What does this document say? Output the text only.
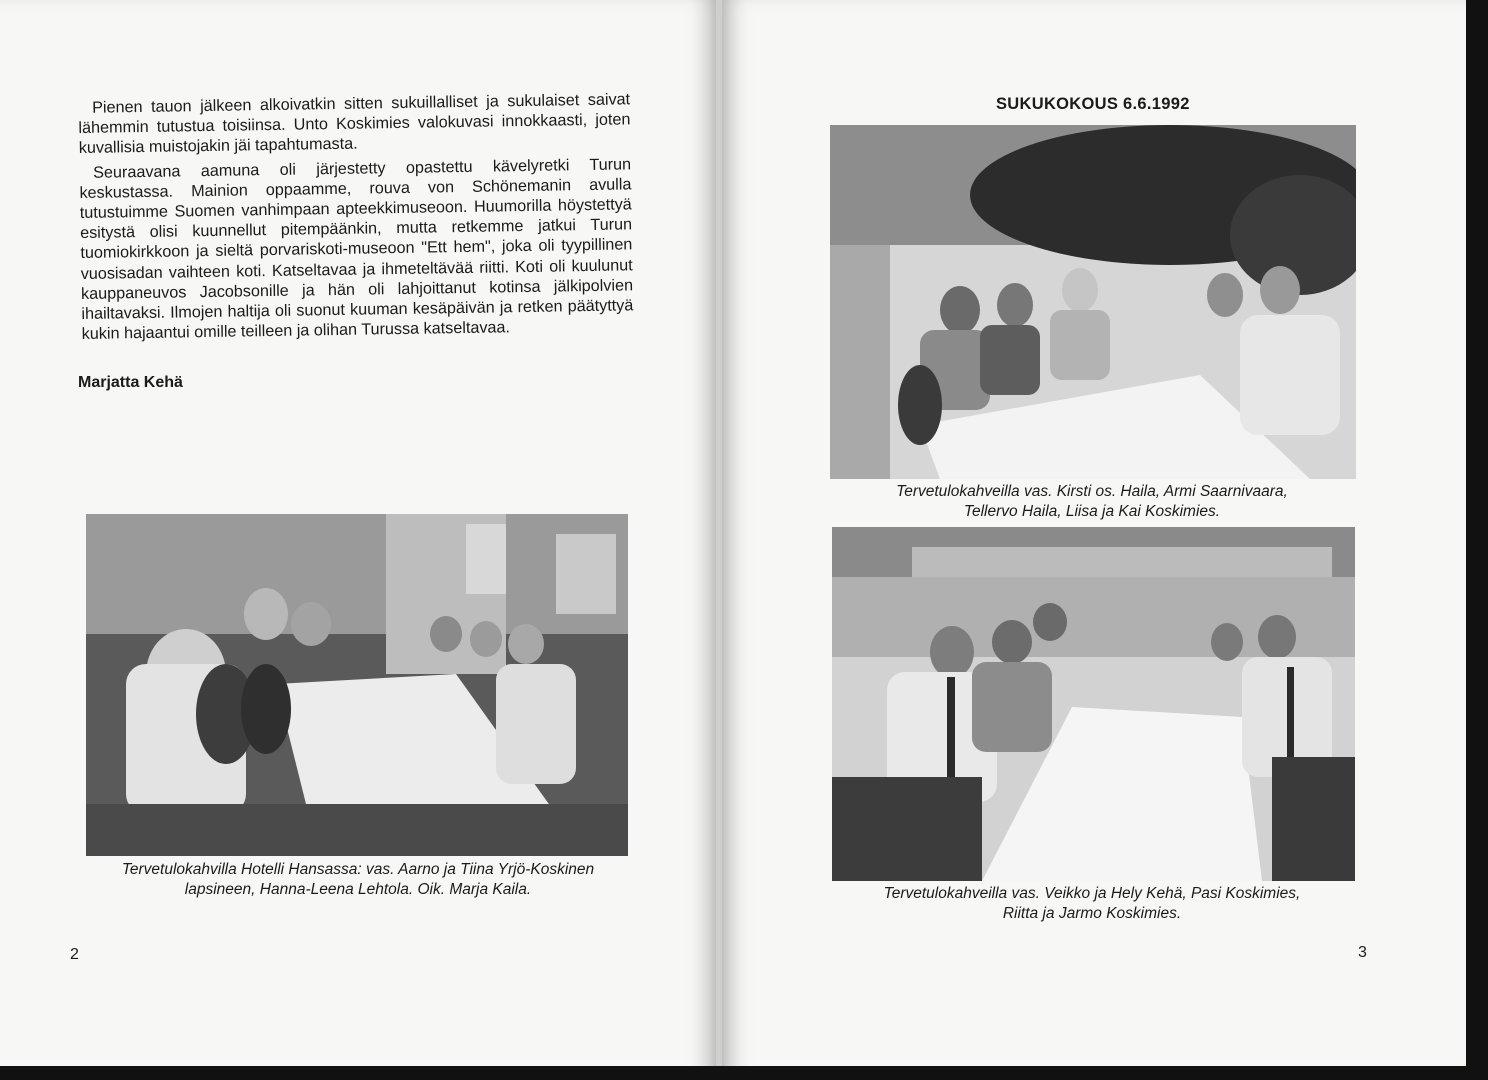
Pienen tauon jälkeen alkoivatkin sitten sukuillalliset ja sukulaiset saivat lähemmin tutustua toisiinsa. Unto Koskimies valokuvasi innokkaasti, joten kuvallisia muistojakin jäi tapahtumasta.

Seuraavana aamuna oli järjestetty opastettu kävelyretki Turun keskustassa. Mainion oppaamme, rouva von Schönemanin avulla tutustuimme Suomen vanhimpaan apteekkimuseoon. Huumorilla höystettyä esitystä olisi kuunnellut pitempäänkin, mutta retkemme jatkui Turun tuomiokirkkoon ja sieltä porvariskoti-museoon "Ett hem", joka oli tyypillinen vuosisadan vaihteen koti. Katseltavaa ja ihmeteltävää riitti. Koti oli kuulunut kauppaneuvos Jacobsonille ja hän oli lahjoittanut kotinsa jälkipolvien ihailtavaksi. Ilmojen haltija oli suonut kuuman kesäpäivän ja retken päätyttyä kukin hajaantui omille teilleen ja olihan Turussa katseltavaa.

Marjatta Kehä
Tervetulokahvilla Hotelli Hansassa: vas. Aarno ja Tiina Yrjö-Koskinen
lapsineen, Hanna-Leena Lehtola. Oik. Marja Kaila.
2
SUKUKOKOUS 6.6.1992
Tervetulokahveilla vas. Kirsti os. Haila, Armi Saarnivaara,
Tellervo Haila, Liisa ja Kai Koskimies.
Tervetulokahveilla vas. Veikko ja Hely Kehä, Pasi Koskimies,
Riitta ja Jarmo Koskimies.
3
